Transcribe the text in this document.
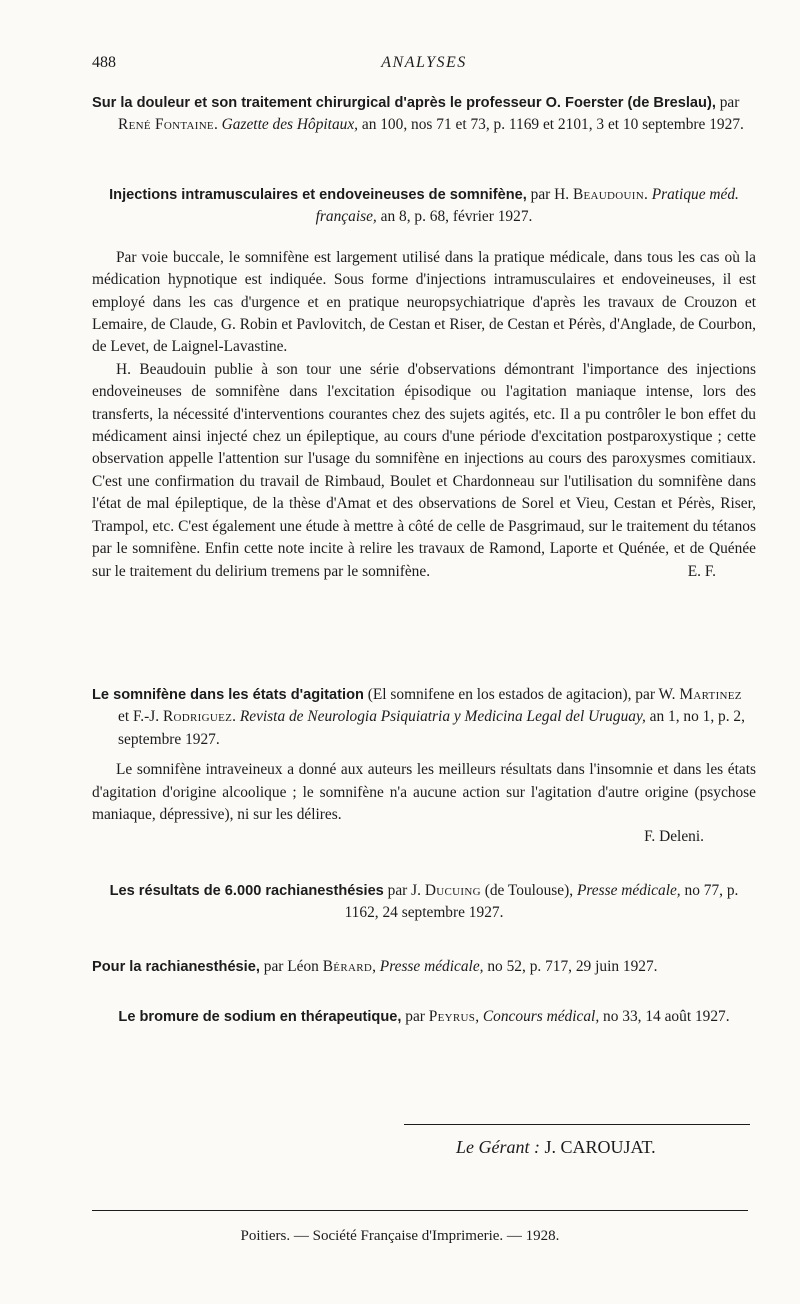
488	ANALYSES

Sur la douleur et son traitement chirurgical d'après le professeur O. Foerster (de Breslau), par René Fontaine. Gazette des Hôpitaux, an 100, nos 71 et 73, p. 1169 et 2101, 3 et 10 septembre 1927.

Injections intramusculaires et endoveineuses de somnifène, par H. Beaudouin. Pratique méd. française, an 8, p. 68, février 1927.

Par voie buccale, le somnifène est largement utilisé dans la pratique médicale, dans tous les cas où la médication hypnotique est indiquée. Sous forme d'injections intramusculaires et endoveineuses, il est employé dans les cas d'urgence et en pratique neuropsychiatrique d'après les travaux de Crouzon et Lemaire, de Claude, G. Robin et Pavlovitch, de Cestan et Riser, de Cestan et Pérès, d'Anglade, de Courbon, de Levet, de Laignel-Lavastine.

H. Beaudouin publie à son tour une série d'observations démontrant l'importance des injections endoveineuses de somnifène dans l'excitation épisodique ou l'agitation maniaque intense, lors des transferts, la nécessité d'interventions courantes chez des sujets agités, etc. Il a pu contrôler le bon effet du médicament ainsi injecté chez un épileptique, au cours d'une période d'excitation postparoxystique ; cette observation appelle l'attention sur l'usage du somnifène en injections au cours des paroxysmes comitiaux. C'est une confirmation du travail de Rimbaud, Boulet et Chardonneau sur l'utilisation du somnifène dans l'état de mal épileptique, de la thèse d'Amat et des observations de Sorel et Vieu, Cestan et Pérès, Riser, Trampol, etc. C'est également une étude à mettre à côté de celle de Pasgrimaud, sur le traitement du tétanos par le somnifène. Enfin cette note incite à relire les travaux de Ramond, Laporte et Quénée, et de Quénée sur le traitement du delirium tremens par le somnifène.	E. F.

Le somnifène dans les états d'agitation (El somnifene en los estados de agitacion), par W. Martinez et F.-J. Rodriguez. Revista de Neurologia Psiquiatria y Medicina Legal del Uruguay, an 1, no 1, p. 2, septembre 1927.

Le somnifène intraveineux a donné aux auteurs les meilleurs résultats dans l'insomnie et dans les états d'agitation d'origine alcoolique ; le somnifène n'a aucune action sur l'agitation d'autre origine (psychose maniaque, dépressive), ni sur les délires.

F. Deleni.

Les résultats de 6.000 rachianesthésies par J. Ducuing (de Toulouse), Presse médicale, no 77, p. 1162, 24 septembre 1927.

Pour la rachianesthésie, par Léon Bérard, Presse médicale, no 52, p. 717, 29 juin 1927.

Le bromure de sodium en thérapeutique, par Peyrus, Concours médical, no 33, 14 août 1927.

Le Gérant : J. CAROUJAT.
Poitiers. — Société Française d'Imprimerie. — 1928.
